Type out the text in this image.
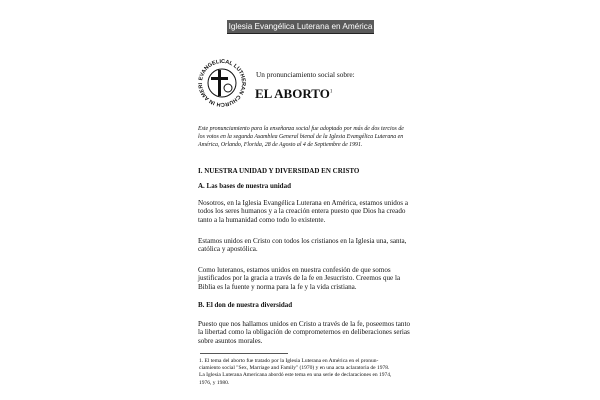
Iglesia Evangélica Luterana en América
EVANGELICAL LUTHERAN CHURCH IN AMERI
Un pronunciamiento social sobre:
EL ABORTO$^1$
Este pronunciamiento para la enseñanza social fue adoptado por más de dos tercios de
los votos en la segunda Asamblea General bienal de la Iglesia Evangélica Luterana en
América, Orlando, Florida, 28 de Agosto al 4 de Septiembre de 1991.
I. NUESTRA UNIDAD Y DIVERSIDAD EN CRISTO
A. Las bases de nuestra unidad
Nosotros, en la Iglesia Evangélica Luterana en América, estamos unidos a
todos los seres humanos y a la creación entera puesto que Dios ha creado
tanto a la humanidad como todo lo existente.
Estamos unidos en Cristo con todos los cristianos en la Iglesia una, santa,
católica y apostólica.
Como luteranos, estamos unidos en nuestra confesión de que somos
justificados por la gracia a través de la fe en Jesucristo. Creemos que la
Biblia es la fuente y norma para la fe y la vida cristiana.
B. El don de nuestra diversidad
Puesto que nos hallamos unidos en Cristo a través de la fe, poseemos tanto
la libertad como la obligación de comprometernos en deliberaciones serias
sobre asuntos morales.
1. El tema del aborto fue tratado por la Iglesia Luterana en América en el pronun-
ciamiento social "Sex, Marriage and Family" (1970) y en una acta aclaratoria de 1978.
La Iglesia Luterana Americana abordó este tema en una serie de declaraciones en 1974,
1976, y 1980.
